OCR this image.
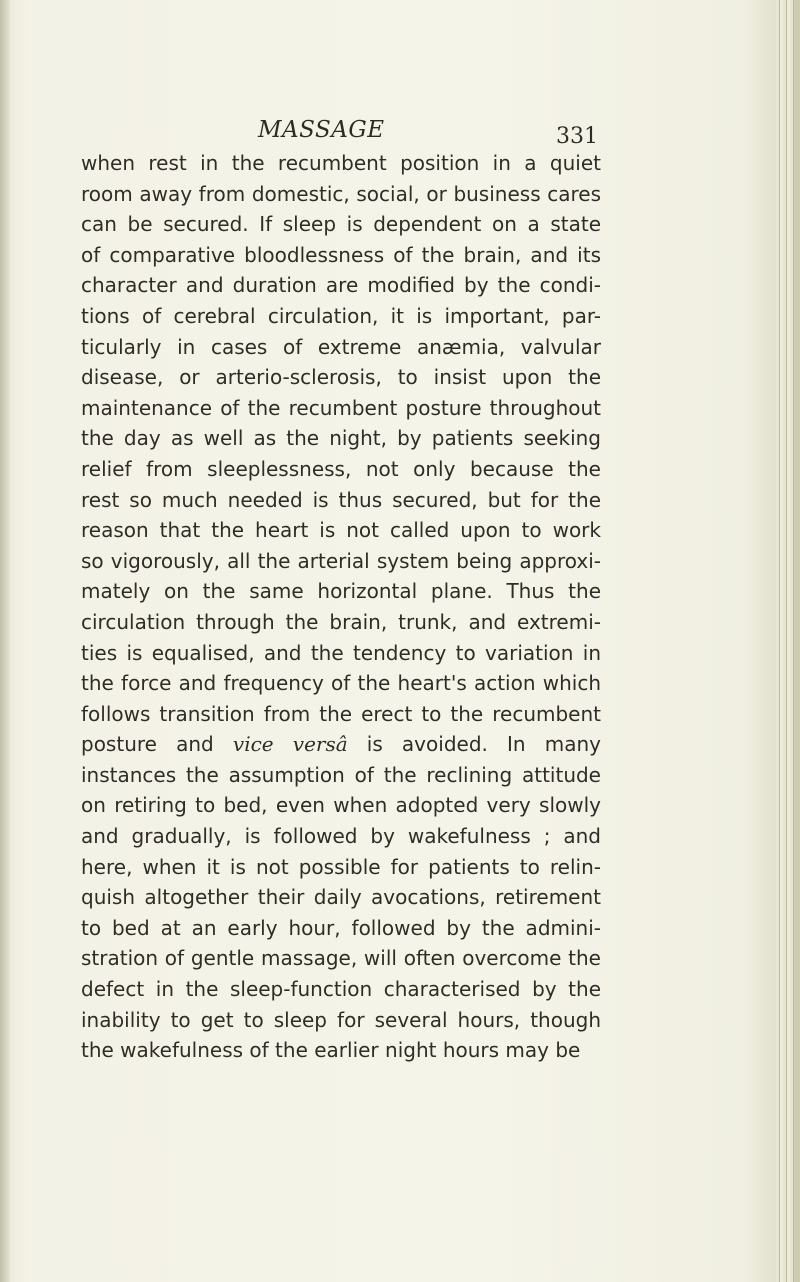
MASSAGE	331
when rest in the recumbent position in a quiet
room away from domestic, social, or business cares
can be secured. If sleep is dependent on a state
of comparative bloodlessness of the brain, and its
character and duration are modified by the condi-
tions of cerebral circulation, it is important, par-
ticularly in cases of extreme anæmia, valvular
disease, or arterio-sclerosis, to insist upon the
maintenance of the recumbent posture throughout
the day as well as the night, by patients seeking
relief from sleeplessness, not only because the
rest so much needed is thus secured, but for the
reason that the heart is not called upon to work
so vigorously, all the arterial system being approxi-
mately on the same horizontal plane. Thus the
circulation through the brain, trunk, and extremi-
ties is equalised, and the tendency to variation in
the force and frequency of the heart's action which
follows transition from the erect to the recumbent
posture and vice versâ is avoided. In many
instances the assumption of the reclining attitude
on retiring to bed, even when adopted very slowly
and gradually, is followed by wakefulness ; and
here, when it is not possible for patients to relin-
quish altogether their daily avocations, retirement
to bed at an early hour, followed by the admini-
stration of gentle massage, will often overcome the
defect in the sleep-function characterised by the
inability to get to sleep for several hours, though
the wakefulness of the earlier night hours may be
